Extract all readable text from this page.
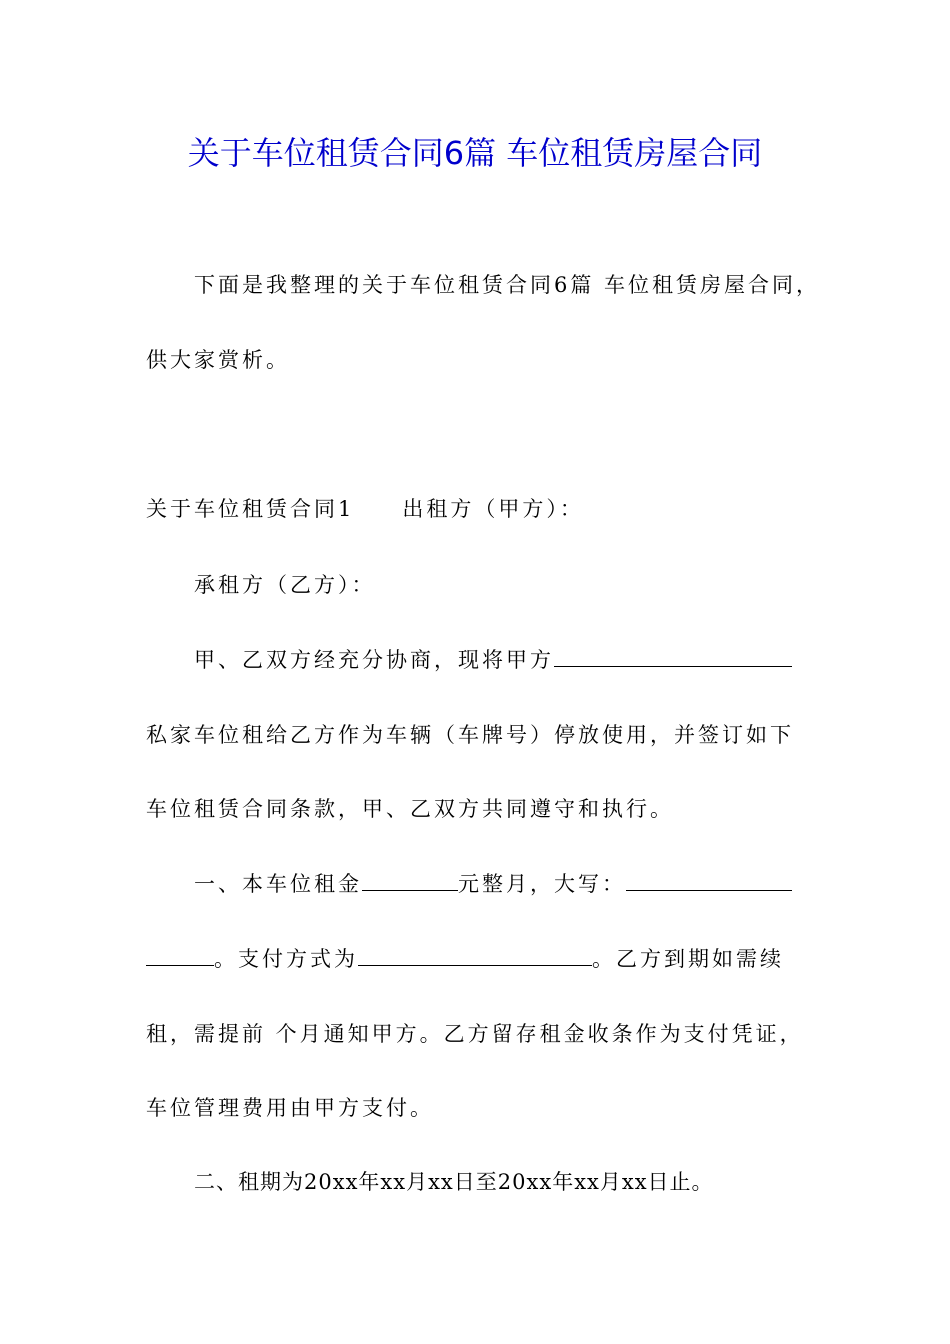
关于车位租赁合同6篇 车位租赁房屋合同
下面是我整理的关于车位租赁合同6篇 车位租赁房屋合同，
供大家赏析。
关于车位租赁合同1 出租方（甲方）：
承租方（乙方）：
甲、乙双方经充分协商，现将甲方
私家车位租给乙方作为车辆（车牌号）停放使用，并签订如下
车位租赁合同条款，甲、乙双方共同遵守和执行。
一、本车位租金	元整月，大写：
。支付方式为	。乙方到期如需续
租，需提前 个月通知甲方。乙方留存租金收条作为支付凭证，
车位管理费用由甲方支付。
二、租期为20xx年xx月xx日至20xx年xx月xx日止。
